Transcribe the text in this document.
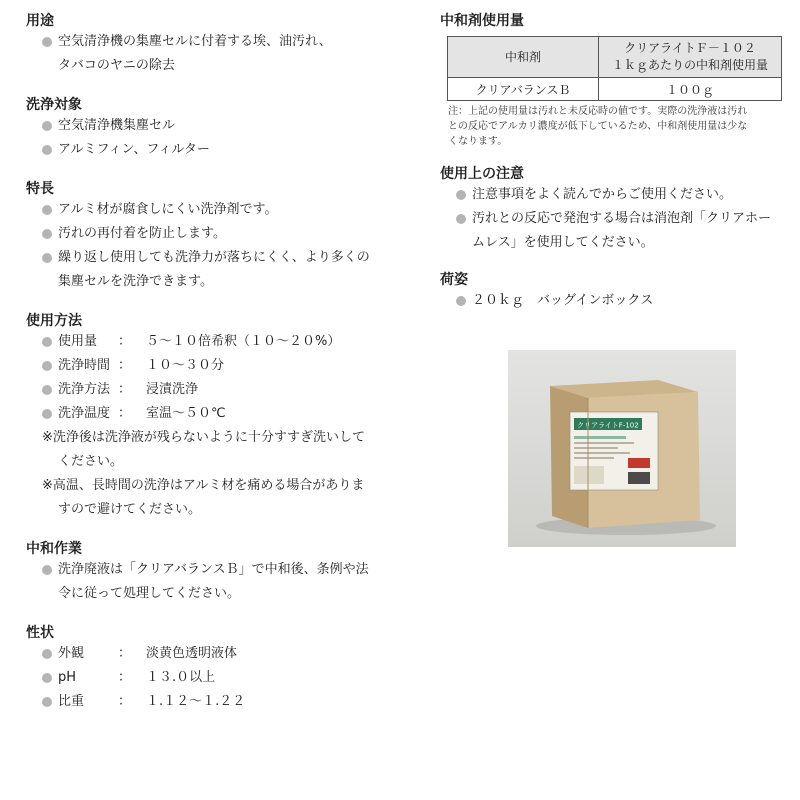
用途
空気清浄機の集塵セルに付着する埃、油汚れ、
タバコのヤニの除去
洗浄対象
空気清浄機集塵セル
アルミフィン、フィルター
特長
アルミ材が腐食しにくい洗浄剤です。
汚れの再付着を防止します。
繰り返し使用しても洗浄力が落ちにくく、より多くの
集塵セルを洗浄できます。
使用方法
使用量 ： ５～１０倍希釈（１０～２０%）
洗浄時間 ： １０～３０分
洗浄方法 ： 浸漬洗浄
洗浄温度 ： 室温～５０℃
※洗浄後は洗浄液が残らないように十分すすぎ洗いして
ください。
※高温、長時間の洗浄はアルミ材を痛める場合がありま
すので避けてください。
中和作業
洗浄廃液は「クリアバランスＢ」で中和後、条例や法
令に従って処理してください。
性状
外観	： 淡黄色透明液体
pH	： １３.０以上
比重	： １.１２～１.２２
中和剤使用量
中和剤	クリアライトＦ－１０２
１ｋｇあたりの中和剤使用量

クリアバランスＢ	１００ｇ
注：上記の使用量は汚れと未反応時の値です。実際の洗浄液は汚れ
との反応でアルカリ濃度が低下しているため、中和剤使用量は少な
くなります。
使用上の注意
注意事項をよく読んでからご使用ください。
汚れとの反応で発泡する場合は消泡剤「クリアホー
ムレス」を使用してください。
荷姿
２０ｋｇ　バッグインボックス
クリアライトF-102
